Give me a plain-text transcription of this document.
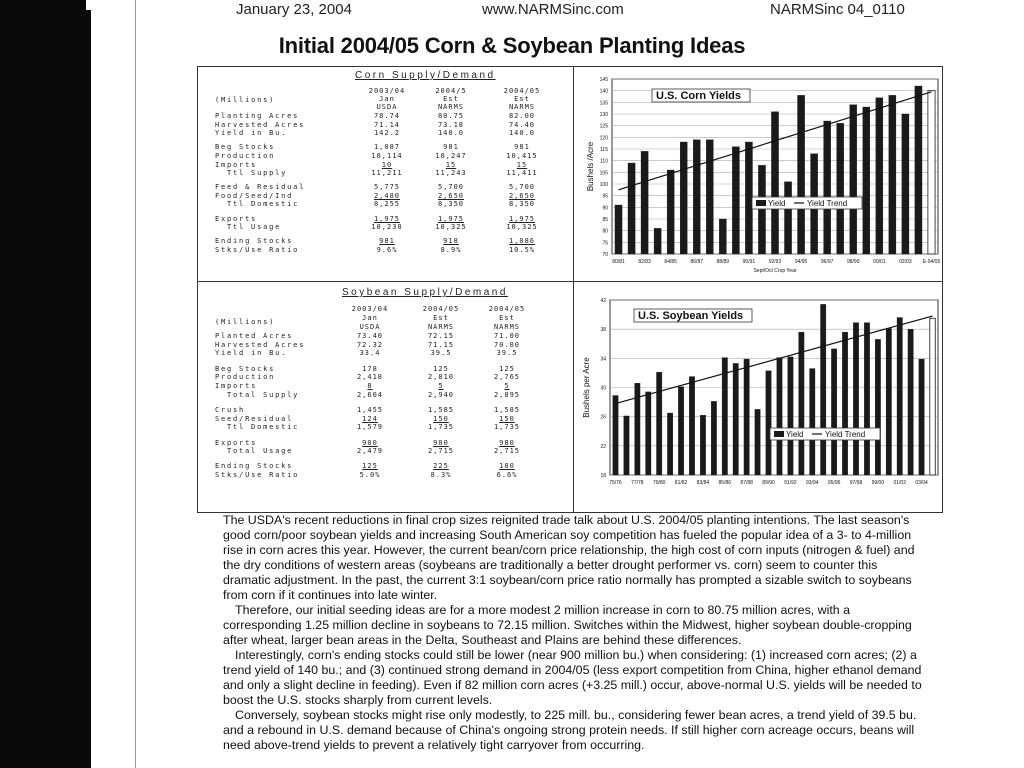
January 23, 2004	www.NARMSinc.com	NARMSinc 04_0110
Initial 2004/05 Corn & Soybean Planting Ideas
Corn Supply/Demand
2003/04	2004/5	2004/05
(Millions)	Jan	Est	Est
USDA	NARMS	NARMS
Planting Acres	78.74	80.75	82.00
Harvested Acres	71.14	73.18	74.40
Yield in Bu.	142.2	140.0	140.0
Beg Stocks	1,087	981	981
Production	10,114	10,247	10,415
Imports	10	15	15
Ttl Supply	11,211	11,243	11,411
Feed & Residual	5,775	5,700	5,700
Food/Seed/Ind	2,480	2,650	2,650
Ttl Domestic	8,255	8,350	8,350
Exports	1,975	1,975	1,975
Ttl Usage	10,230	10,325	10,325
Ending Stocks	981	918	1,086
Stks/Use Ratio	9.6%	8.9%	10.5%
Soybean Supply/Demand
2003/04	2004/05	2004/05
(Millions)	Jan	Est	Est
USDA	NARMS	NARMS
Planted Acres	73.40	72.15	71.00
Harvested Acres	72.32	71.15	70.00
Yield in Bu.	33.4	39.5	39.5
Beg Stocks	178	125	125
Production	2,418	2,810	2,765
Imports	8	5	5
Total Supply	2,604	2,940	2,895
Crush	1,455	1,585	1,585
Seed/Residual	124	150	150
Ttl Domestic	1,579	1,735	1,735
Exports	900	980	980
Total Usage	2,479	2,715	2,715
Ending Stocks	125	225	180
Stks/Use Ratio	5.0%	8.3%	6.6%
70
75
80
85
90
95
100
105
110
115
120
125
130
135
140
145
80/81	82/83	84/85	86/87	88/89	90/91	92/93	94/95	96/97	98/99	00/01	02/03 E-04/05
U.S. Corn Yields
Bushels /Acre
Sept/Oct Crop Year
Yield	Yield Trend
18
22
26
30
34
38
42
75/76 77/78 79/80 81/82 83/84 85/86 87/88 89/90 91/92 93/94 95/96 97/98 99/00 01/02 03/04
U.S. Soybean Yields
Bushels per Acre
Yield	Yield Trend

The USDA's recent reductions in final crop sizes reignited trade talk about U.S. 2004/05 planting intentions. The last season's good corn/poor soybean yields and increasing South American soy competition has fueled the popular idea of a 3- to 4-million rise in corn acres this year. However, the current bean/corn price relationship, the high cost of corn inputs (nitrogen & fuel) and the dry conditions of western areas (soybeans are traditionally a better drought performer vs. corn) seem to counter this dramatic adjustment. In the past, the current 3:1 soybean/corn price ratio normally has prompted a sizable switch to soybeans from corn if it continues into late winter.

Therefore, our initial seeding ideas are for a more modest 2 million increase in corn to 80.75 million acres, with a corresponding 1.25 million decline in soybeans to 72.15 million. Switches within the Midwest, higher soybean double-cropping after wheat, larger bean areas in the Delta, Southeast and Plains are behind these differences.

Interestingly, corn's ending stocks could still be lower (near 900 million bu.) when considering: (1) increased corn acres; (2) a trend yield of 140 bu.; and (3) continued strong demand in 2004/05 (less export competition from China, higher ethanol demand and only a slight decline in feeding). Even if 82 million corn acres (+3.25 mill.) occur, above-normal U.S. yields will be needed to boost the U.S. stocks sharply from current levels.

Conversely, soybean stocks might rise only modestly, to 225 mill. bu., considering fewer bean acres, a trend yield of 39.5 bu. and a rebound in U.S. demand because of China's ongoing strong protein needs. If still higher corn acreage occurs, beans will need above-trend yields to prevent a relatively tight carryover from occurring.
